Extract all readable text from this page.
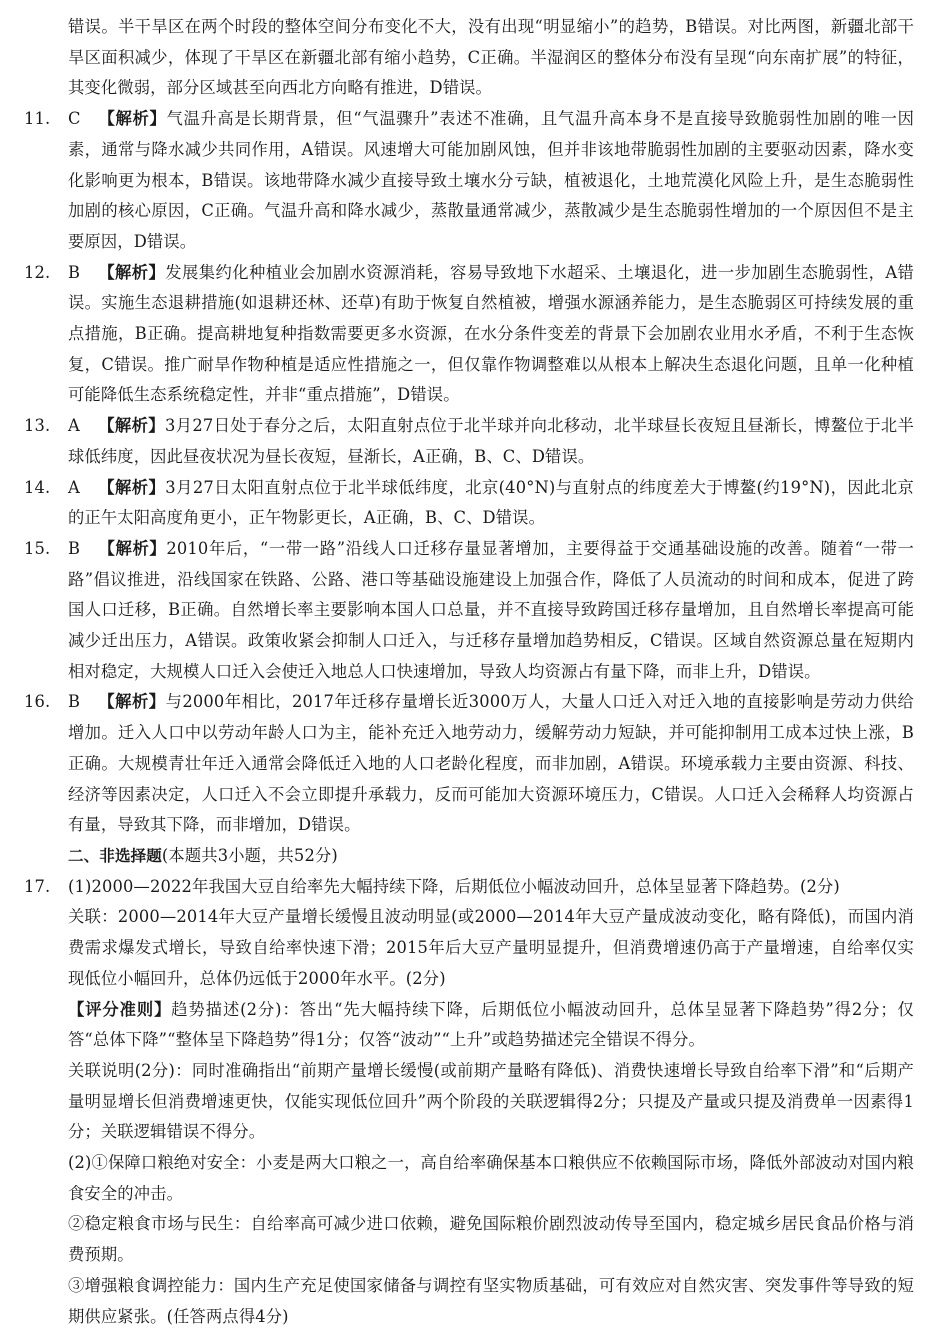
错误。半干旱区在两个时段的整体空间分布变化不大，没有出现“明显缩小”的趋势，B错误。对比两图，新疆北部干旱区面积减少，体现了干旱区在新疆北部有缩小趋势，C正确。半湿润区的整体分布没有呈现“向东南扩展”的特征，其变化微弱，部分区域甚至向西北方向略有推进，D错误。

11. C 【解析】气温升高是长期背景，但“气温骤升”表述不准确，且气温升高本身不是直接导致脆弱性加剧的唯一因素，通常与降水减少共同作用，A错误。风速增大可能加剧风蚀，但并非该地带脆弱性加剧的主要驱动因素，降水变化影响更为根本，B错误。该地带降水减少直接导致土壤水分亏缺，植被退化，土地荒漠化风险上升，是生态脆弱性加剧的核心原因，C正确。气温升高和降水减少，蒸散量通常减少，蒸散减少是生态脆弱性增加的一个原因但不是主要原因，D错误。

12. B 【解析】发展集约化种植业会加剧水资源消耗，容易导致地下水超采、土壤退化，进一步加剧生态脆弱性，A错误。实施生态退耕措施(如退耕还林、还草)有助于恢复自然植被，增强水源涵养能力，是生态脆弱区可持续发展的重点措施，B正确。提高耕地复种指数需要更多水资源，在水分条件变差的背景下会加剧农业用水矛盾，不利于生态恢复，C错误。推广耐旱作物种植是适应性措施之一，但仅靠作物调整难以从根本上解决生态退化问题，且单一化种植可能降低生态系统稳定性，并非“重点措施”，D错误。

13. A 【解析】3月27日处于春分之后，太阳直射点位于北半球并向北移动，北半球昼长夜短且昼渐长，博鳌位于北半球低纬度，因此昼夜状况为昼长夜短，昼渐长，A正确，B、C、D错误。

14. A 【解析】3月27日太阳直射点位于北半球低纬度，北京(40°N)与直射点的纬度差大于博鳌(约19°N)，因此北京的正午太阳高度角更小，正午物影更长，A正确，B、C、D错误。

15. B 【解析】2010年后，“一带一路”沿线人口迁移存量显著增加，主要得益于交通基础设施的改善。随着“一带一路”倡议推进，沿线国家在铁路、公路、港口等基础设施建设上加强合作，降低了人员流动的时间和成本，促进了跨国人口迁移，B正确。自然增长率主要影响本国人口总量，并不直接导致跨国迁移存量增加，且自然增长率提高可能减少迁出压力，A错误。政策收紧会抑制人口迁入，与迁移存量增加趋势相反，C错误。区域自然资源总量在短期内相对稳定，大规模人口迁入会使迁入地总人口快速增加，导致人均资源占有量下降，而非上升，D错误。

16. B 【解析】与2000年相比，2017年迁移存量增长近3000万人，大量人口迁入对迁入地的直接影响是劳动力供给增加。迁入人口中以劳动年龄人口为主，能补充迁入地劳动力，缓解劳动力短缺，并可能抑制用工成本过快上涨，B正确。大规模青壮年迁入通常会降低迁入地的人口老龄化程度，而非加剧，A错误。环境承载力主要由资源、科技、经济等因素决定，人口迁入不会立即提升承载力，反而可能加大资源环境压力，C错误。人口迁入会稀释人均资源占有量，导致其下降，而非增加，D错误。

二、非选择题(本题共3小题，共52分)

17. (1)2000—2022年我国大豆自给率先大幅持续下降，后期低位小幅波动回升，总体呈显著下降趋势。(2分)

关联：2000—2014年大豆产量增长缓慢且波动明显(或2000—2014年大豆产量成波动变化，略有降低)，而国内消费需求爆发式增长，导致自给率快速下滑；2015年后大豆产量明显提升，但消费增速仍高于产量增速，自给率仅实现低位小幅回升，总体仍远低于2000年水平。(2分)

【评分准则】趋势描述(2分)：答出“先大幅持续下降，后期低位小幅波动回升，总体呈显著下降趋势”得2分；仅答“总体下降”“整体呈下降趋势”得1分；仅答“波动”“上升”或趋势描述完全错误不得分。

关联说明(2分)：同时准确指出“前期产量增长缓慢(或前期产量略有降低)、消费快速增长导致自给率下滑”和“后期产量明显增长但消费增速更快，仅能实现低位回升”两个阶段的关联逻辑得2分；只提及产量或只提及消费单一因素得1分；关联逻辑错误不得分。

(2)①保障口粮绝对安全：小麦是两大口粮之一，高自给率确保基本口粮供应不依赖国际市场，降低外部波动对国内粮食安全的冲击。

②稳定粮食市场与民生：自给率高可减少进口依赖，避免国际粮价剧烈波动传导至国内，稳定城乡居民食品价格与消费预期。

③增强粮食调控能力：国内生产充足使国家储备与调控有坚实物质基础，可有效应对自然灾害、突发事件等导致的短期供应紧张。(任答两点得4分)
